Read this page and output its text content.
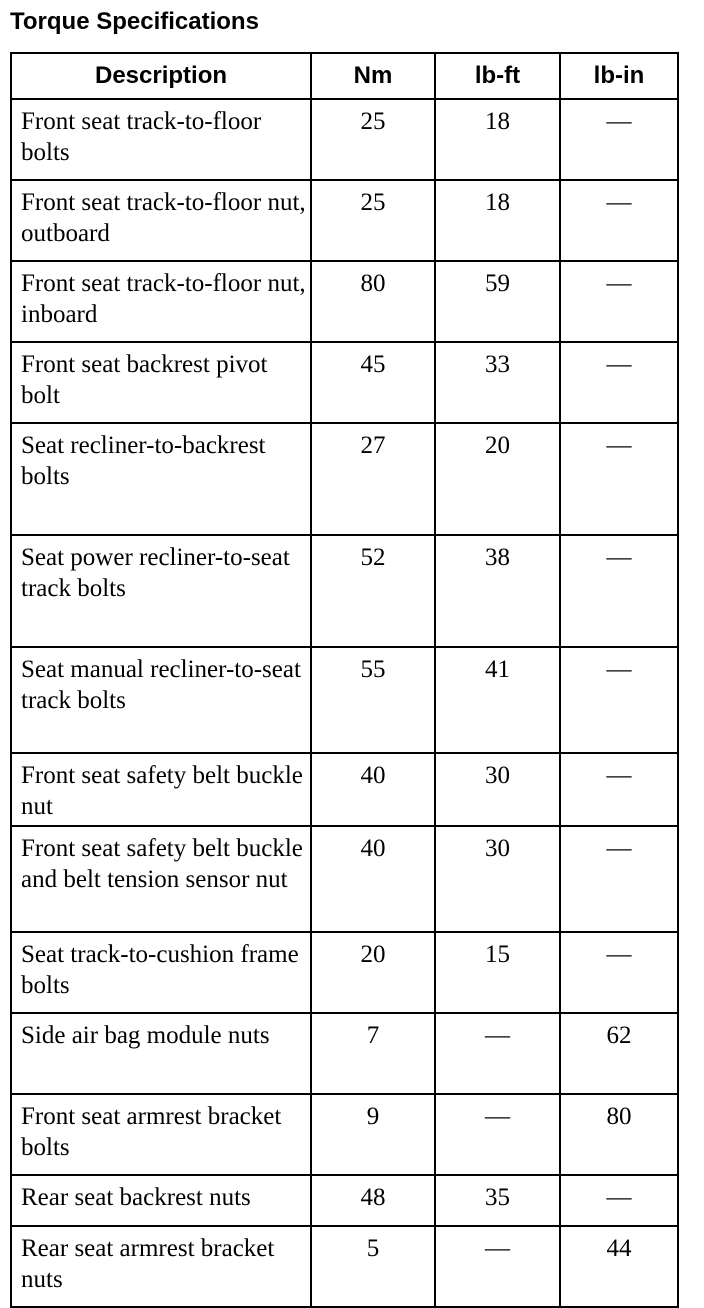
Torque Specifications
Description	Nm	lb-ft	lb-in
Front seat track-to-floor bolts	25	18	—
Front seat track-to-floor nut, outboard	25	18	—
Front seat track-to-floor nut, inboard	80	59	—
Front seat backrest pivot bolt	45	33	—
Seat recliner-to-backrest bolts	27	20	—
Seat power recliner-to-seat track bolts	52	38	—
Seat manual recliner-to-seat track bolts	55	41	—
Front seat safety belt buckle nut	40	30	—
Front seat safety belt buckle and belt tension sensor nut	40	30	—
Seat track-to-cushion frame bolts	20	15	—
Side air bag module nuts	7	—	62
Front seat armrest bracket bolts	9	—	80
Rear seat backrest nuts	48	35	—
Rear seat armrest bracket nuts	5	—	44
